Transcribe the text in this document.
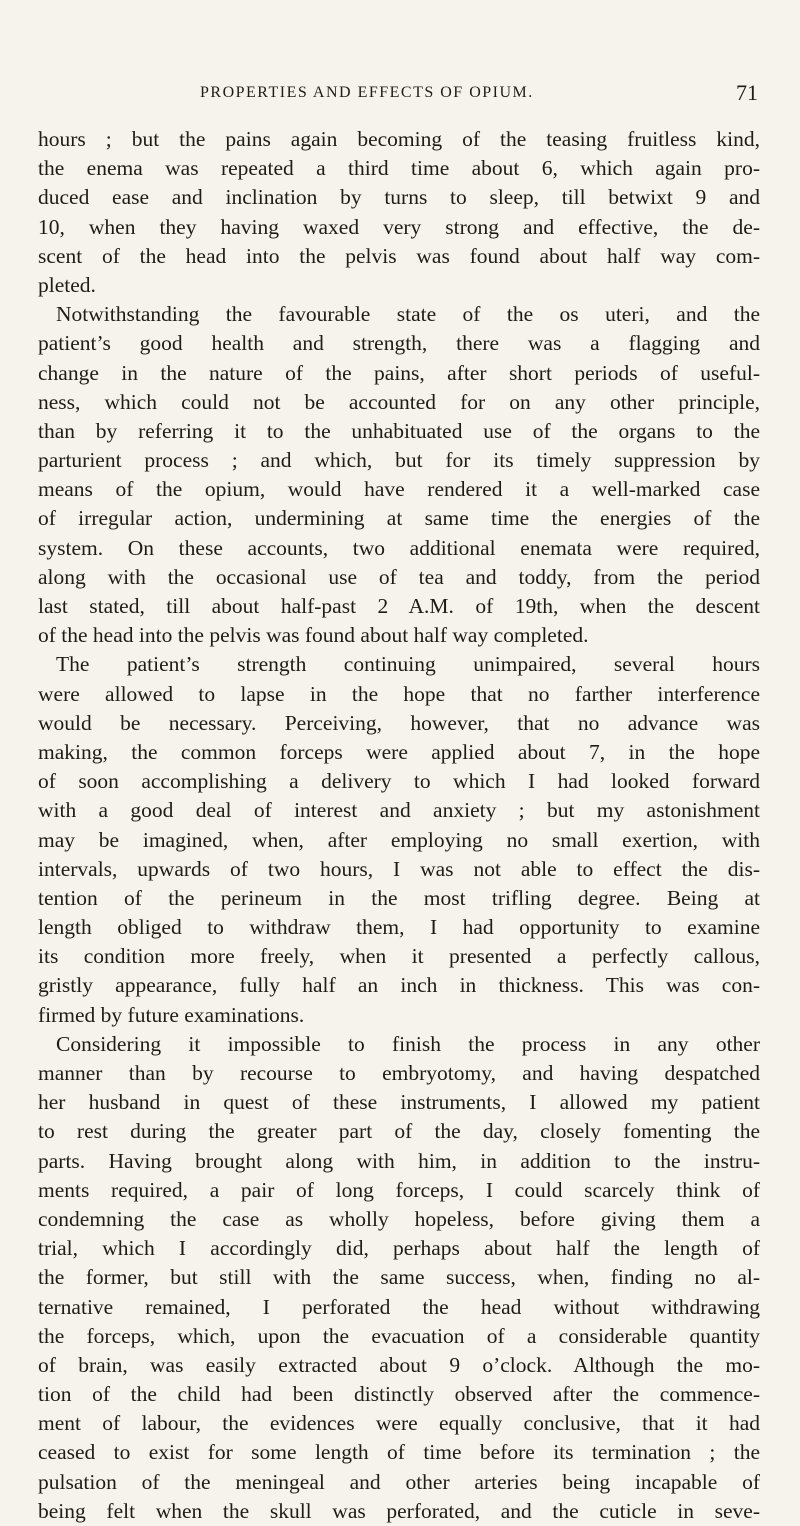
PROPERTIES AND EFFECTS OF OPIUM.	71
hours ; but the pains again becoming of the teasing fruitless kind,
the enema was repeated a third time about 6, which again pro-
duced ease and inclination by turns to sleep, till betwixt 9 and
10, when they having waxed very strong and effective, the de-
scent of the head into the pelvis was found about half way com-
pleted.
Notwithstanding the favourable state of the os uteri, and the
patient’s good health and strength, there was a flagging and
change in the nature of the pains, after short periods of useful-
ness, which could not be accounted for on any other principle,
than by referring it to the unhabituated use of the organs to the
parturient process ; and which, but for its timely suppression by
means of the opium, would have rendered it a well-marked case
of irregular action, undermining at same time the energies of the
system. On these accounts, two additional enemata were required,
along with the occasional use of tea and toddy, from the period
last stated, till about half-past 2 A.M. of 19th, when the descent
of the head into the pelvis was found about half way completed.
The patient’s strength continuing unimpaired, several hours
were allowed to lapse in the hope that no farther interference
would be necessary. Perceiving, however, that no advance was
making, the common forceps were applied about 7, in the hope
of soon accomplishing a delivery to which I had looked forward
with a good deal of interest and anxiety ; but my astonishment
may be imagined, when, after employing no small exertion, with
intervals, upwards of two hours, I was not able to effect the dis-
tention of the perineum in the most trifling degree. Being at
length obliged to withdraw them, I had opportunity to examine
its condition more freely, when it presented a perfectly callous,
gristly appearance, fully half an inch in thickness. This was con-
firmed by future examinations.
Considering it impossible to finish the process in any other
manner than by recourse to embryotomy, and having despatched
her husband in quest of these instruments, I allowed my patient
to rest during the greater part of the day, closely fomenting the
parts. Having brought along with him, in addition to the instru-
ments required, a pair of long forceps, I could scarcely think of
condemning the case as wholly hopeless, before giving them a
trial, which I accordingly did, perhaps about half the length of
the former, but still with the same success, when, finding no al-
ternative remained, I perforated the head without withdrawing
the forceps, which, upon the evacuation of a considerable quantity
of brain, was easily extracted about 9 o’clock. Although the mo-
tion of the child had been distinctly observed after the commence-
ment of labour, the evidences were equally conclusive, that it had
ceased to exist for some length of time before its termination ; the
pulsation of the meningeal and other arteries being incapable of
being felt when the skull was perforated, and the cuticle in seve-
